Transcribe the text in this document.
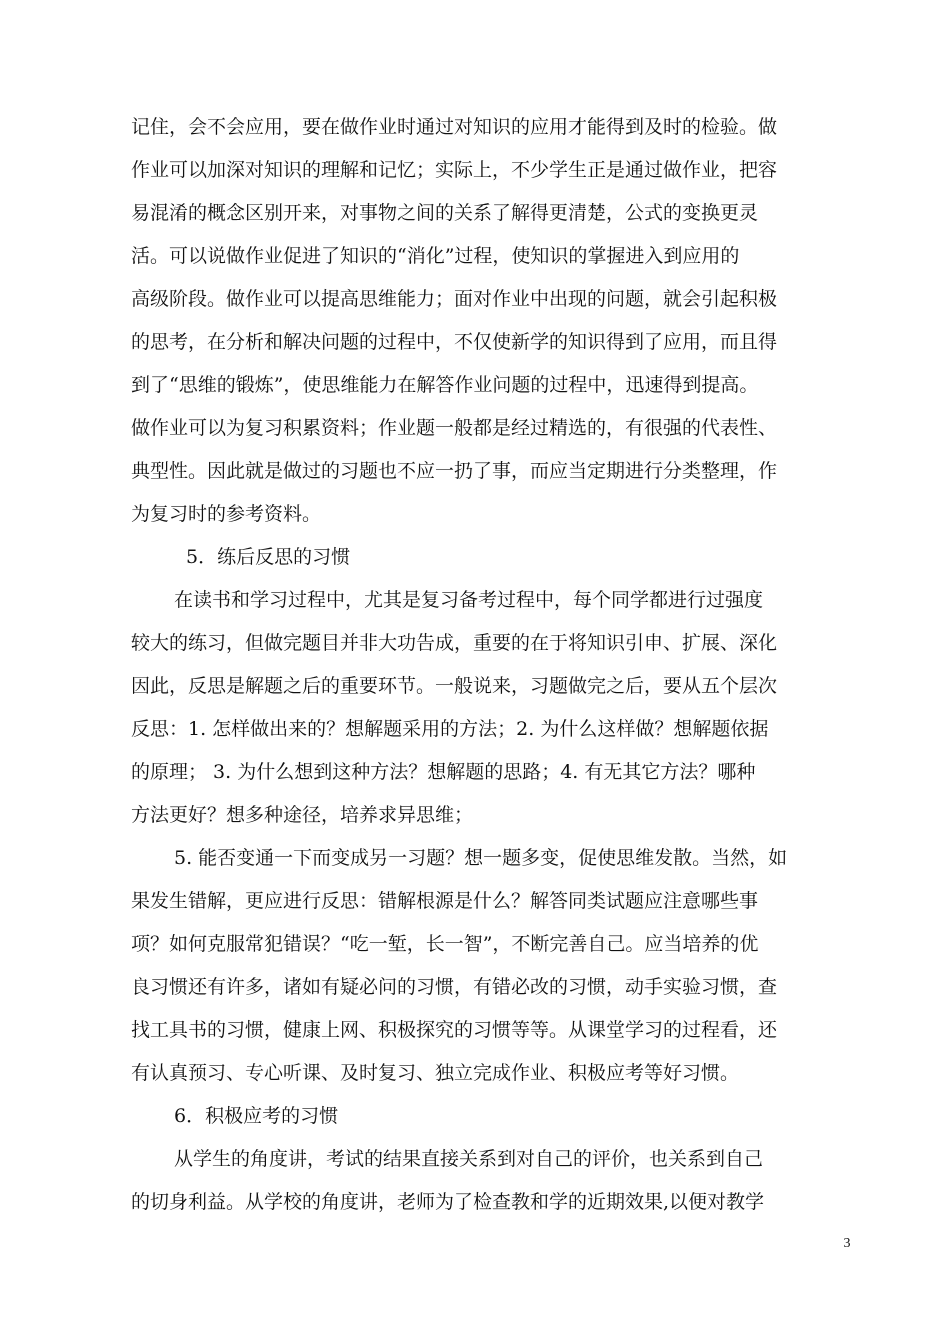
记住，会不会应用，要在做作业时通过对知识的应用才能得到及时的检验。做
作业可以加深对知识的理解和记忆；实际上，不少学生正是通过做作业，把容
易混淆的概念区别开来，对事物之间的关系了解得更清楚，公式的变换更灵
活。可以说做作业促进了知识的“消化”过程，使知识的掌握进入到应用的
高级阶段。做作业可以提高思维能力；面对作业中出现的问题，就会引起积极
的思考，在分析和解决问题的过程中，不仅使新学的知识得到了应用，而且得
到了“思维的锻炼”，使思维能力在解答作业问题的过程中，迅速得到提高。
做作业可以为复习积累资料；作业题一般都是经过精选的，有很强的代表性、
典型性。因此就是做过的习题也不应一扔了事，而应当定期进行分类整理，作
为复习时的参考资料。
5．练后反思的习惯
在读书和学习过程中，尤其是复习备考过程中，每个同学都进行过强度
较大的练习，但做完题目并非大功告成，重要的在于将知识引申、扩展、深化
因此，反思是解题之后的重要环节。一般说来，习题做完之后，要从五个层次
反思：1. 怎样做出来的？想解题采用的方法；2. 为什么这样做？想解题依据
的原理； 3. 为什么想到这种方法？想解题的思路；4. 有无其它方法？哪种
方法更好？想多种途径，培养求异思维；
5. 能否变通一下而变成另一习题？想一题多变，促使思维发散。当然，如
果发生错解，更应进行反思：错解根源是什么？解答同类试题应注意哪些事
项？如何克服常犯错误？“吃一堑，长一智”，不断完善自己。应当培养的优
良习惯还有许多，诸如有疑必问的习惯，有错必改的习惯，动手实验习惯，查
找工具书的习惯，健康上网、积极探究的习惯等等。从课堂学习的过程看，还
有认真预习、专心听课、及时复习、独立完成作业、积极应考等好习惯。
6．积极应考的习惯
从学生的角度讲，考试的结果直接关系到对自己的评价，也关系到自己
的切身利益。从学校的角度讲，老师为了检查教和学的近期效果,以便对教学
3
